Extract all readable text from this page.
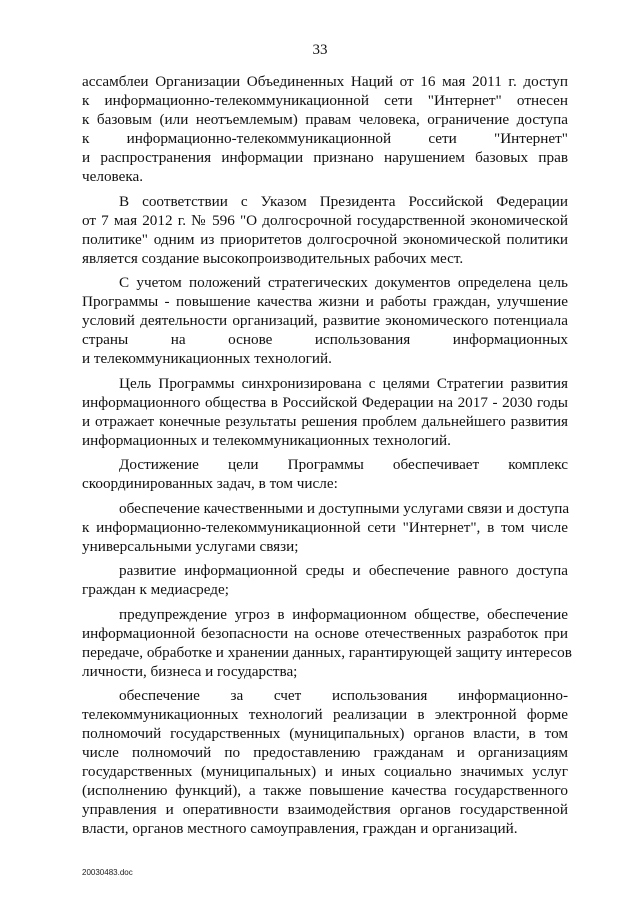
33
ассамблеи Организации Объединенных Наций от 16 мая 2011 г. доступ
к информационно-телекоммуникационной сети "Интернет" отнесен
к базовым (или неотъемлемым) правам человека, ограничение доступа
к информационно-телекоммуникационной сети "Интернет"
и распространения информации признано нарушением базовых прав
человека.
В соответствии с Указом Президента Российской Федерации
от 7 мая 2012 г. № 596 "О долгосрочной государственной экономической
политике" одним из приоритетов долгосрочной экономической политики
является создание высокопроизводительных рабочих мест.
С учетом положений стратегических документов определена цель
Программы - повышение качества жизни и работы граждан, улучшение
условий деятельности организаций, развитие экономического потенциала
страны на основе использования информационных
и телекоммуникационных технологий.
Цель Программы синхронизирована с целями Стратегии развития
информационного общества в Российской Федерации на 2017 - 2030 годы
и отражает конечные результаты решения проблем дальнейшего развития
информационных и телекоммуникационных технологий.
Достижение цели Программы обеспечивает комплекс
скоординированных задач, в том числе:
обеспечение качественными и доступными услугами связи и доступа
к информационно-телекоммуникационной сети "Интернет", в том числе
универсальными услугами связи;
развитие информационной среды и обеспечение равного доступа
граждан к медиасреде;
предупреждение угроз в информационном обществе, обеспечение
информационной безопасности на основе отечественных разработок при
передаче, обработке и хранении данных, гарантирующей защиту интересов
личности, бизнеса и государства;
обеспечение за счет использования информационно-
телекоммуникационных технологий реализации в электронной форме
полномочий государственных (муниципальных) органов власти, в том
числе полномочий по предоставлению гражданам и организациям
государственных (муниципальных) и иных социально значимых услуг
(исполнению функций), а также повышение качества государственного
управления и оперативности взаимодействия органов государственной
власти, органов местного самоуправления, граждан и организаций.
20030483.doc
